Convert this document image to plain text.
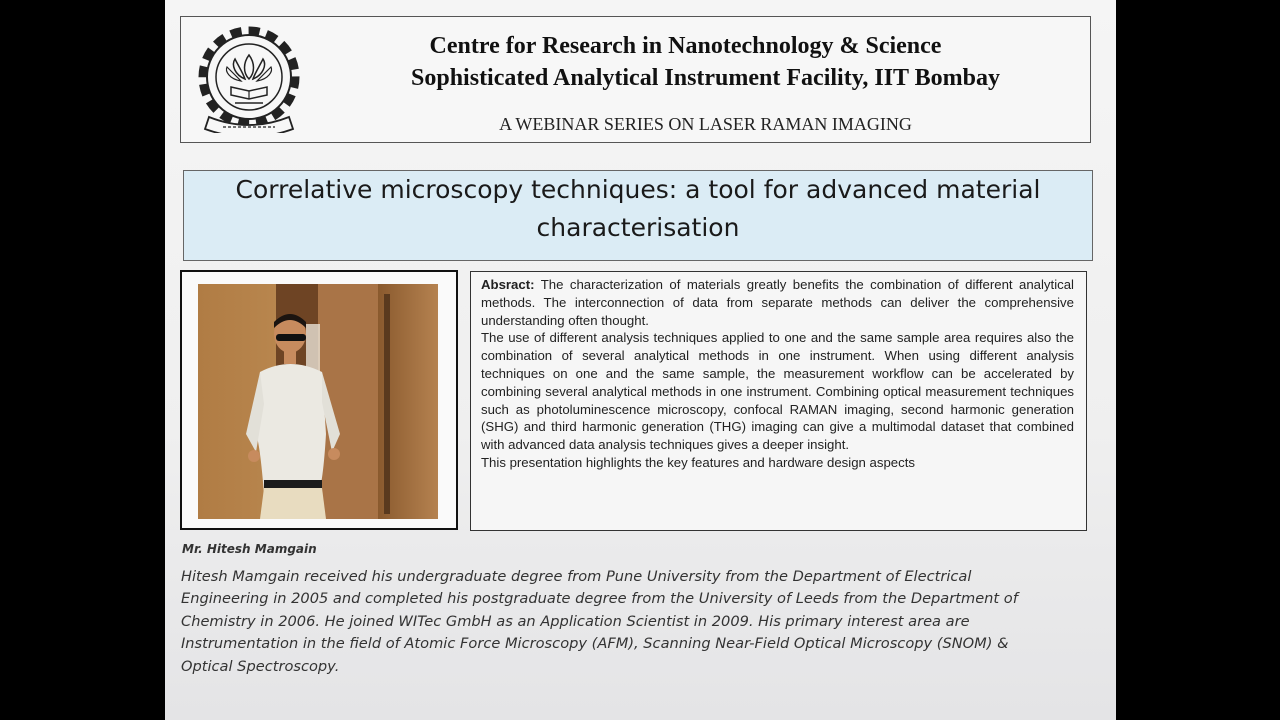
Centre for Research in Nanotechnology & Science
Sophisticated Analytical Instrument Facility, IIT Bombay
A WEBINAR SERIES ON LASER RAMAN IMAGING
Correlative microscopy techniques: a tool for advanced material
characterisation

Absract: The characterization of materials greatly benefits the combination of different analytical methods. The interconnection of data from separate methods can deliver the comprehensive understanding often thought.

The use of different analysis techniques applied to one and the same sample area requires also the combination of several analytical methods in one instrument. When using different analysis techniques on one and the same sample, the measurement workflow can be accelerated by combining several analytical methods in one instrument. Combining optical measurement techniques such as photoluminescence microscopy, confocal RAMAN imaging, second harmonic generation (SHG) and third harmonic generation (THG) imaging can give a multimodal dataset that combined with advanced data analysis techniques gives a deeper insight.

This presentation highlights the key features and hardware design aspects

Mr. Hitesh Mamgain
Hitesh Mamgain received his undergraduate degree from Pune University from the Department of Electrical
Engineering in 2005 and completed his postgraduate degree from the University of Leeds from the Department of
Chemistry in 2006. He joined WITec GmbH as an Application Scientist in 2009. His primary interest area are
Instrumentation in the field of Atomic Force Microscopy (AFM), Scanning Near-Field Optical Microscopy (SNOM) &
Optical Spectroscopy.
